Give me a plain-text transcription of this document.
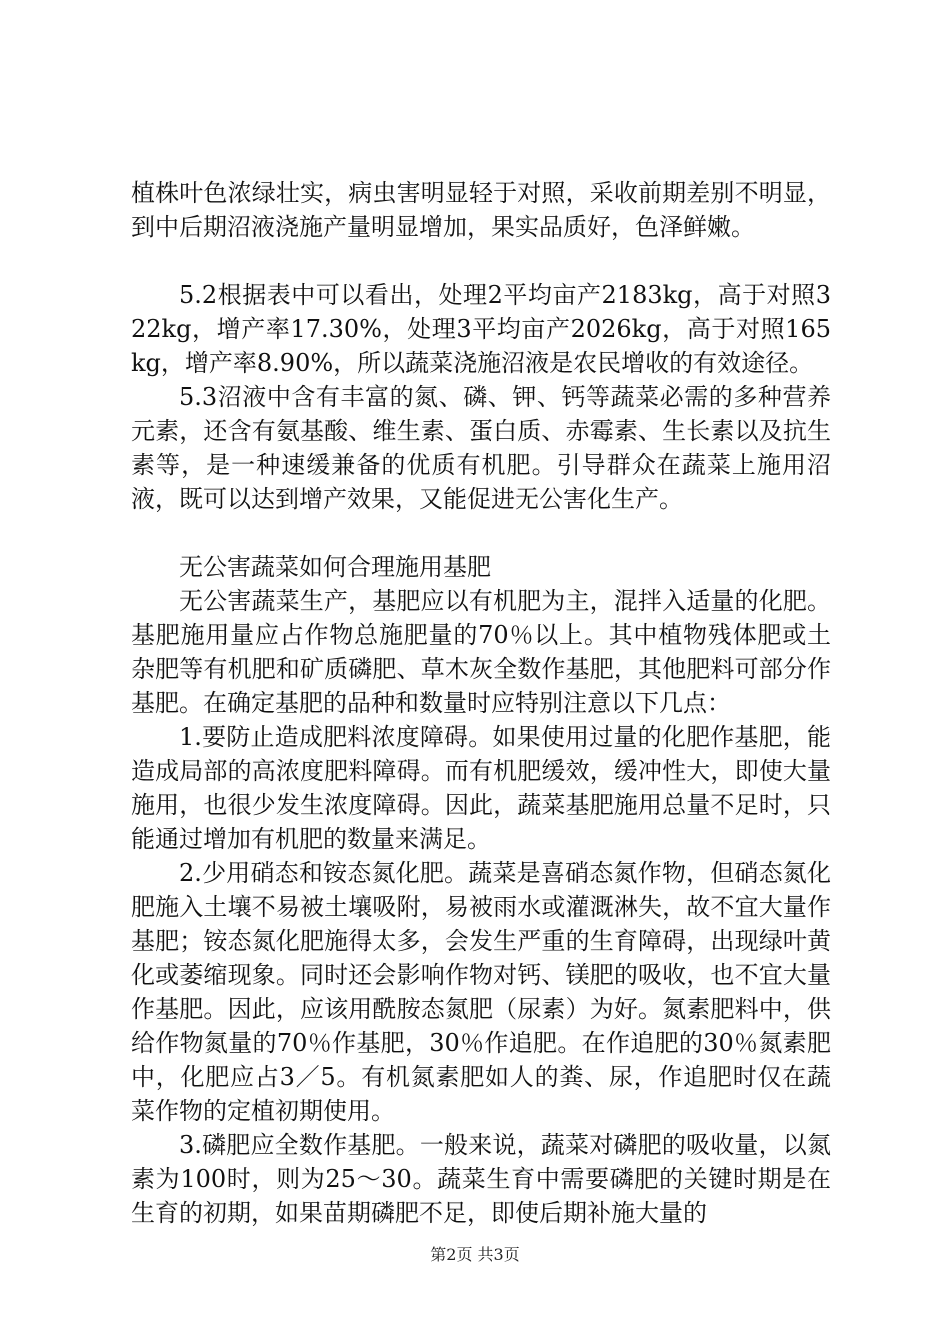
植株叶色浓绿壮实，病虫害明显轻于对照，采收前期差别不明显，到中后期沼液浇施产量明显增加，果实品质好，色泽鲜嫩。

5.2根据表中可以看出，处理2平均亩产2183kg，高于对照322kg，增产率17.30%，处理3平均亩产2026kg，高于对照165kg，增产率8.90%，所以蔬菜浇施沼液是农民增收的有效途径。

5.3沼液中含有丰富的氮、磷、钾、钙等蔬菜必需的多种营养元素，还含有氨基酸、维生素、蛋白质、赤霉素、生长素以及抗生素等，是一种速缓兼备的优质有机肥。引导群众在蔬菜上施用沼液，既可以达到增产效果，又能促进无公害化生产。

无公害蔬菜如何合理施用基肥

无公害蔬菜生产，基肥应以有机肥为主，混拌入适量的化肥。基肥施用量应占作物总施肥量的70％以上。其中植物残体肥或土杂肥等有机肥和矿质磷肥、草木灰全数作基肥，其他肥料可部分作基肥。在确定基肥的品种和数量时应特别注意以下几点：

1.要防止造成肥料浓度障碍。如果使用过量的化肥作基肥，能造成局部的高浓度肥料障碍。而有机肥缓效，缓冲性大，即使大量施用，也很少发生浓度障碍。因此，蔬菜基肥施用总量不足时，只能通过增加有机肥的数量来满足。

2.少用硝态和铵态氮化肥。蔬菜是喜硝态氮作物，但硝态氮化肥施入土壤不易被土壤吸附，易被雨水或灌溉淋失，故不宜大量作基肥；铵态氮化肥施得太多，会发生严重的生育障碍，出现绿叶黄化或萎缩现象。同时还会影响作物对钙、镁肥的吸收，也不宜大量作基肥。因此，应该用酰胺态氮肥（尿素）为好。氮素肥料中，供给作物氮量的70％作基肥，30％作追肥。在作追肥的30％氮素肥中，化肥应占3／5。有机氮素肥如人的粪、尿，作追肥时仅在蔬菜作物的定植初期使用。

3.磷肥应全数作基肥。一般来说，蔬菜对磷肥的吸收量，以氮素为100时，则为25～30。蔬菜生育中需要磷肥的关键时期是在生育的初期，如果苗期磷肥不足，即使后期补施大量的

第2页 共3页
